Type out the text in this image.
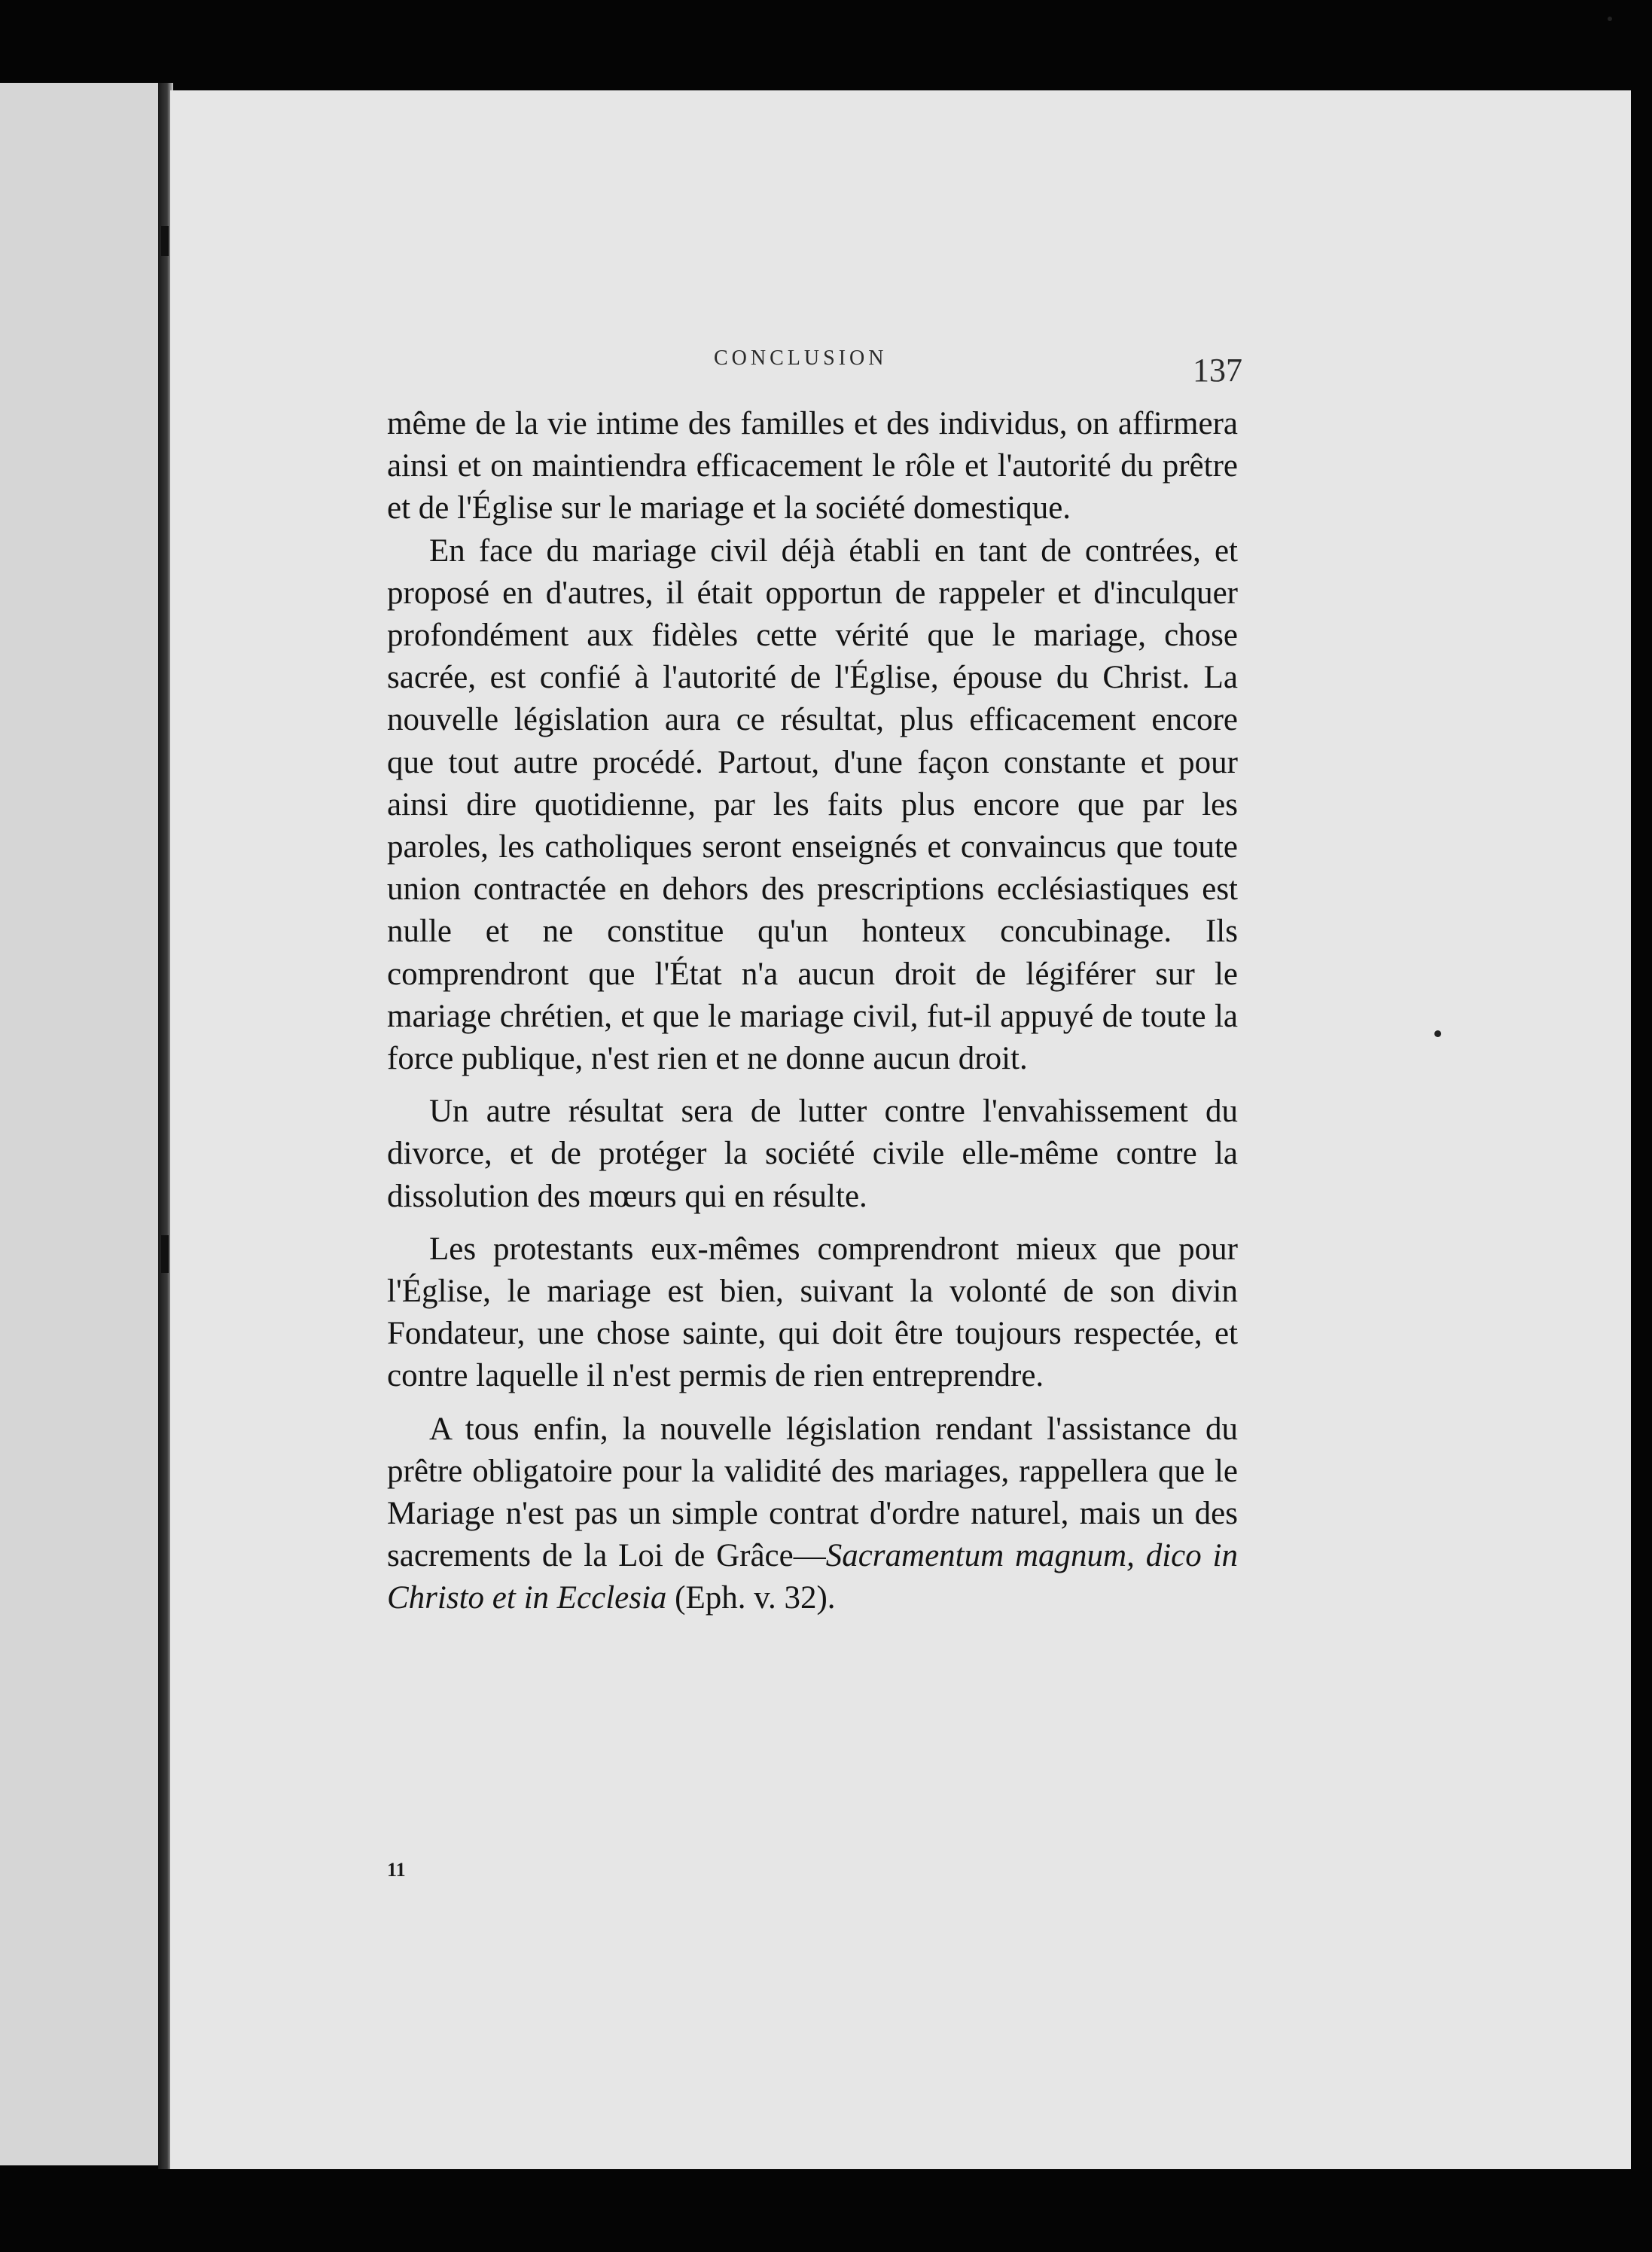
CONCLUSION	137

même de la vie intime des familles et des individus, on affirmera ainsi et on maintiendra efficacement le rôle et l'autorité du prêtre et de l'Église sur le mariage et la société domestique.

En face du mariage civil déjà établi en tant de contrées, et proposé en d'autres, il était opportun de rappeler et d'inculquer profondément aux fidèles cette vérité que le mariage, chose sacrée, est confié à l'autorité de l'Église, épouse du Christ. La nouvelle législation aura ce résultat, plus efficacement encore que tout autre procédé. Partout, d'une façon constante et pour ainsi dire quotidienne, par les faits plus encore que par les paroles, les catholiques seront enseignés et convaincus que toute union contractée en dehors des prescriptions ecclésiastiques est nulle et ne constitue qu'un honteux concubinage. Ils comprendront que l'État n'a aucun droit de légiférer sur le mariage chrétien, et que le mariage civil, fut-il appuyé de toute la force publique, n'est rien et ne donne aucun droit.

Un autre résultat sera de lutter contre l'envahissement du divorce, et de protéger la société civile elle-même contre la dissolution des mœurs qui en résulte.

Les protestants eux-mêmes comprendront mieux que pour l'Église, le mariage est bien, suivant la volonté de son divin Fondateur, une chose sainte, qui doit être toujours respectée, et contre laquelle il n'est permis de rien entreprendre.

A tous enfin, la nouvelle législation rendant l'assistance du prêtre obligatoire pour la validité des mariages, rappellera que le Mariage n'est pas un simple contrat d'ordre naturel, mais un des sacrements de la Loi de Grâce—Sacramentum magnum, dico in Christo et in Ecclesia (Eph. v. 32).

11
